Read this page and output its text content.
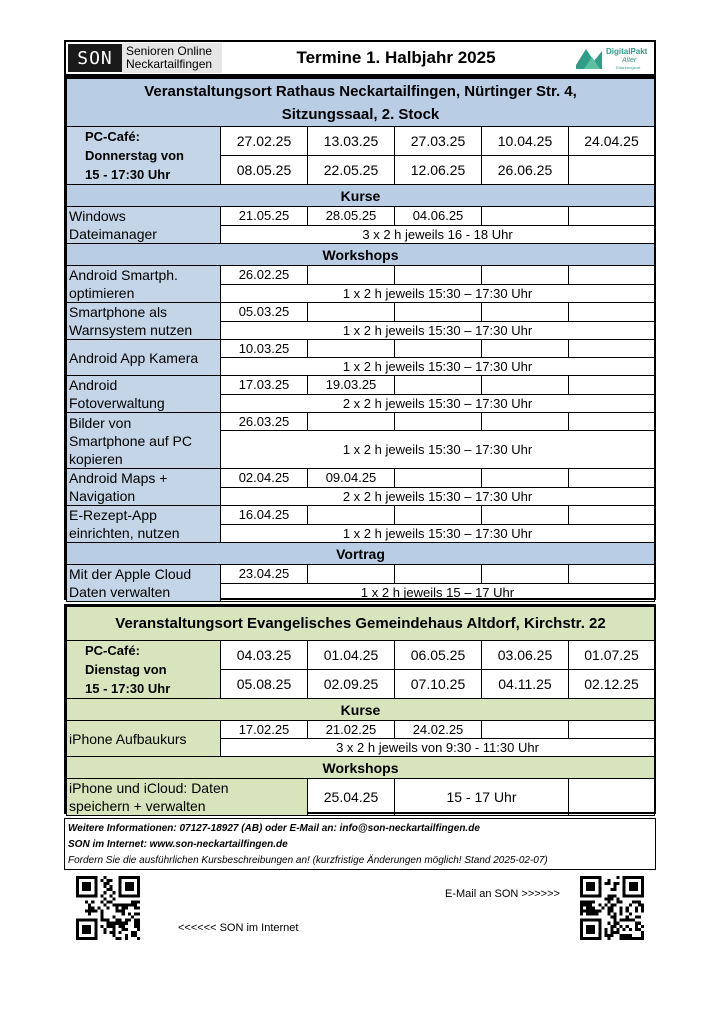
SON	Senioren Online
Neckartailfingen	Termine 1. Halbjahr 2025	DigitalPakt
Alter
Erfahrungsort
Veranstaltungsort Rathaus Neckartailfingen, Nürtinger Str. 4,
Sitzungssaal, 2. Stock					

PC-Café:
Donnerstag von
15 - 17:30 Uhr	27.02.25	13.03.25	27.03.25	10.04.25	24.04.25
	08.05.25	22.05.25	12.06.25	26.06.25	
Kurse					

Windows
Dateimanager	21.05.25	28.05.25	04.06.25		
	3 x 2 h jeweils 16 - 18 Uhr				
Workshops					

Android Smartph.
optimieren	26.02.25				
	1 x 2 h jeweils 15:30 – 17:30 Uhr				

Smartphone als
Warnsystem nutzen	05.03.25				
	1 x 2 h jeweils 15:30 – 17:30 Uhr				

Android App Kamera	10.03.25				
	1 x 2 h jeweils 15:30 – 17:30 Uhr				

Android
Fotoverwaltung	17.03.25	19.03.25			
	2 x 2 h jeweils 15:30 – 17:30 Uhr				

Bilder von
Smartphone auf PC
kopieren	26.03.25				
	1 x 2 h jeweils 15:30 – 17:30 Uhr				

Android Maps +
Navigation	02.04.25	09.04.25			
	2 x 2 h jeweils 15:30 – 17:30 Uhr				

E-Rezept-App
einrichten, nutzen	16.04.25				
	1 x 2 h jeweils 15:30 – 17:30 Uhr				
Vortrag					

Mit der Apple Cloud
Daten verwalten	23.04.25				
	1 x 2 h jeweils 15 – 17 Uhr				
Veranstaltungsort Evangelisches Gemeindehaus Altdorf, Kirchstr. 22					

PC-Café:
Dienstag von
15 - 17:30 Uhr	04.03.25	01.04.25	06.05.25	03.06.25	01.07.25
	05.08.25	02.09.25	07.10.25	04.11.25	02.12.25
Kurse					
iPhone Aufbaukurs	17.02.25	21.02.25	24.02.25		
	3 x 2 h jeweils von 9:30 - 11:30 Uhr				
Workshops					

iPhone und iCloud: Daten
speichern + verwalten		25.04.25	15 - 17 Uhr		
Weitere Informationen: 07127-18927 (AB) oder E-Mail an: info@son-neckartailfingen.de
SON im Internet: www.son-neckartailfingen.de
Fordern Sie die ausführlichen Kursbeschreibungen an! (kurzfristige Änderungen möglich! Stand 2025-02-07)
<<<<<< SON im Internet
E-Mail an SON >>>>>>
